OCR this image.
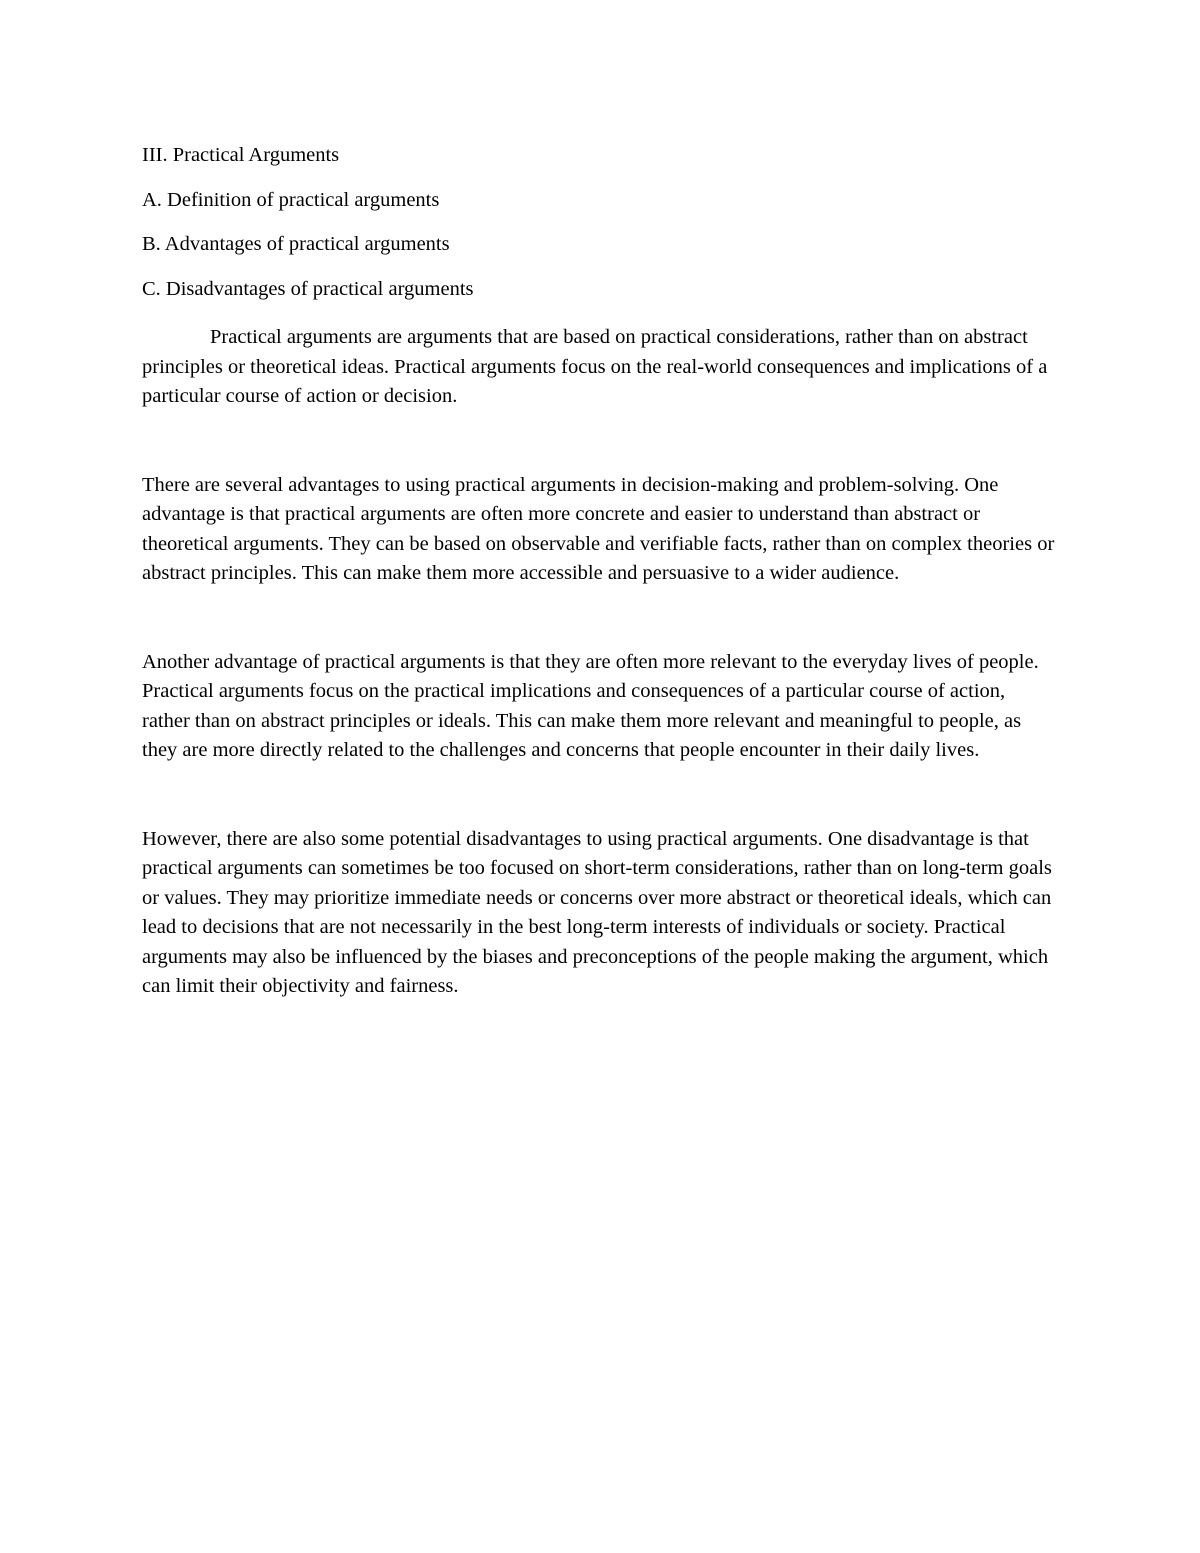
III. Practical Arguments

A. Definition of practical arguments

B. Advantages of practical arguments

C. Disadvantages of practical arguments

Practical arguments are arguments that are based on practical considerations, rather than on abstract principles or theoretical ideas. Practical arguments focus on the real-world consequences and implications of a particular course of action or decision.

There are several advantages to using practical arguments in decision-making and problem-solving. One advantage is that practical arguments are often more concrete and easier to understand than abstract or theoretical arguments. They can be based on observable and verifiable facts, rather than on complex theories or abstract principles. This can make them more accessible and persuasive to a wider audience.

Another advantage of practical arguments is that they are often more relevant to the everyday lives of people. Practical arguments focus on the practical implications and consequences of a particular course of action, rather than on abstract principles or ideals. This can make them more relevant and meaningful to people, as they are more directly related to the challenges and concerns that people encounter in their daily lives.

However, there are also some potential disadvantages to using practical arguments. One disadvantage is that practical arguments can sometimes be too focused on short-term considerations, rather than on long-term goals or values. They may prioritize immediate needs or concerns over more abstract or theoretical ideals, which can lead to decisions that are not necessarily in the best long-term interests of individuals or society. Practical arguments may also be influenced by the biases and preconceptions of the people making the argument, which can limit their objectivity and fairness.
